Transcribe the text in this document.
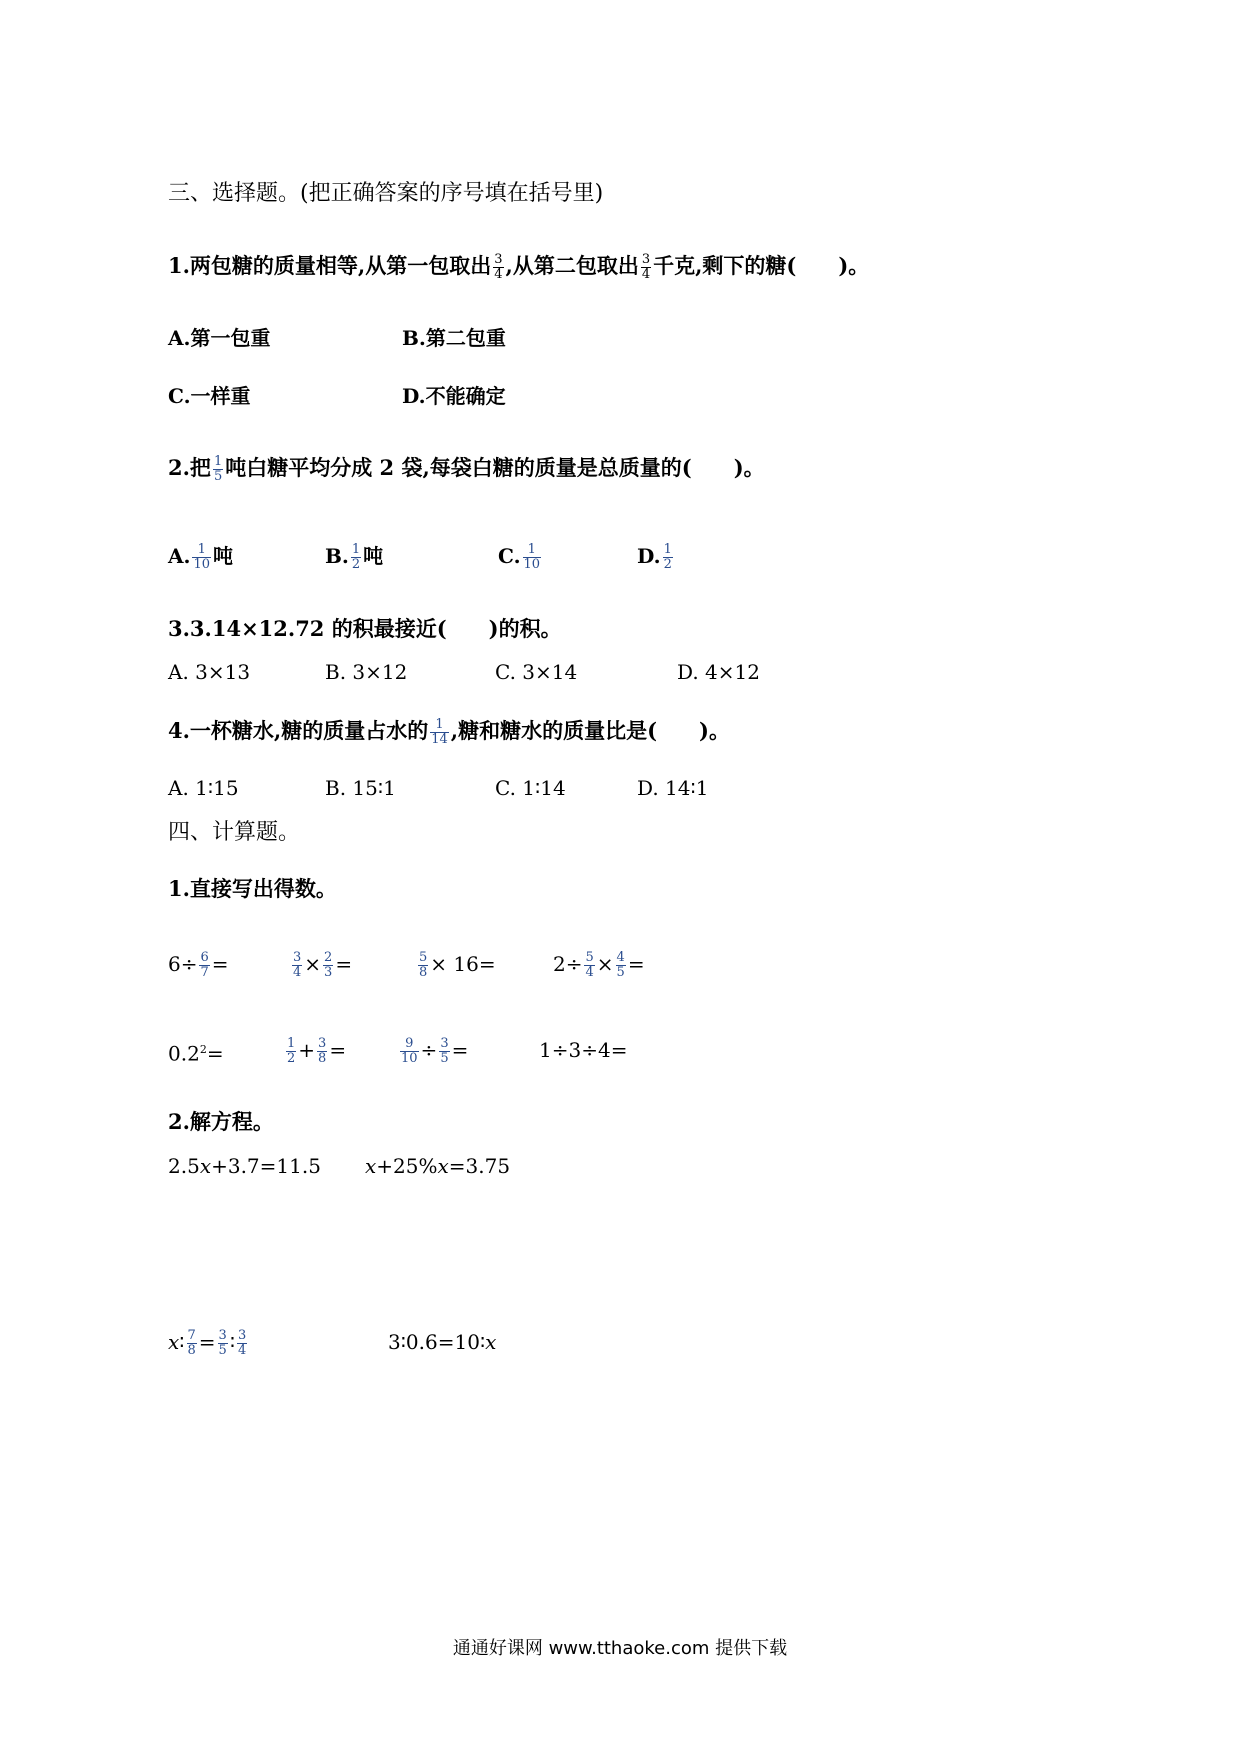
三、选择题。(把正确答案的序号填在括号里)
1.两包糖的质量相等,从第一包取出 $\frac{3}{4}$ ,从第二包取出 $\frac{3}{4}$ 千克,剩下的糖(　　)。
A.第一包重	B.第二包重
C.一样重	D.不能确定
2.把 $\frac{1}{5}$ 吨白糖平均分成 2 袋,每袋白糖的质量是总质量的(　　)。
A. $\frac{1}{10}$ 吨	B. $\frac{1}{2}$ 吨	C. $\frac{1}{10}$	D. $\frac{1}{2}$
3.3.14×12.72 的积最接近(　　)的积。
A. 3×13	B. 3×12	C. 3×14	D. 4×12
4.一杯糖水,糖的质量占水的 $\frac{1}{14}$ ,糖和糖水的质量比是(　　)。
A. 1∶15	B. 15∶1	C. 1∶14	D. 14∶1
四、计算题。
1.直接写出得数。
$6\div \frac{6}{7}$ =	$\frac{3}{4} \times \frac{2}{3}$ =	$\frac{5}{8} \times 16=$	$2\div \frac{5}{4} \times \frac{4}{5}$ =
$0.2^2=$	$\frac{1}{2} + \frac{3}{8}$ =	$\frac{9}{10} \div \frac{3}{5}$ =	1÷3÷4=
2.解方程。
2.5x+3.7=11.5 x+25%x=3.75
x∶ $\frac{7}{8} = \frac{3}{5}$ ∶ $\frac{3}{4}$	3∶0.6=10∶x
通通好课网 www.tthaoke.com 提供下载
